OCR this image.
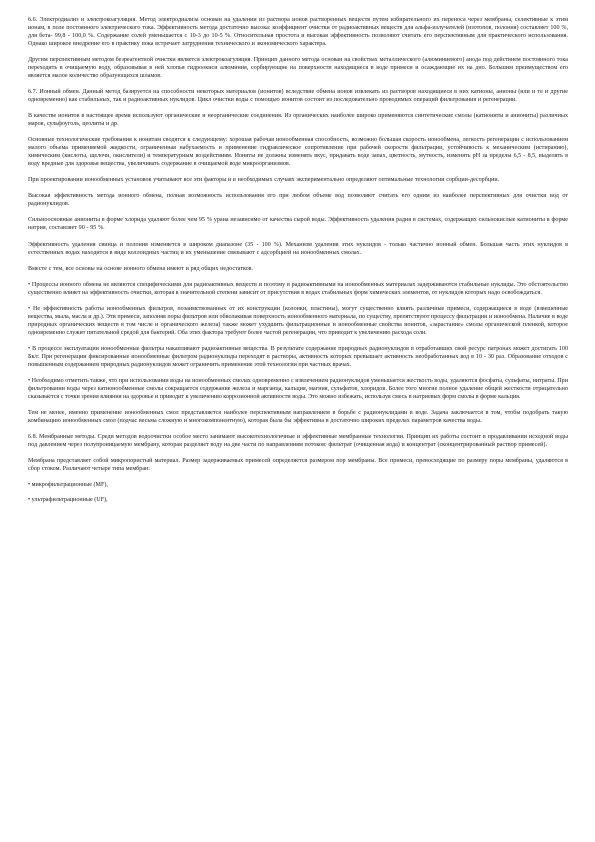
6.6. Электродиализ и электрокоагуляция. Метод электродиализа основан на удалении из раствора ионов растворенных веществ путем избирательного их переноса через мембраны, селективные к этим ионам, в поле постоянного электрического тока. Эффективность метода достаточно высока: коэффициент очистки от радиоактивных веществ для альфа-излучателей (изотопов, полония) составляет 100 %, для бета- 99,8 - 100,0 %. Содержание солей уменьшается с 10-3 до 10-5 %. Относительная простота и высокая эффективность позволяют считать его перспективным для практического использования. Однако широкое внедрение его в практику пока встречает затруднения технического и экономического характера.

Другим перспективным методом безреагентной очистки является электрокоагуляция. Принцип данного метода основан на свойствах металлического (алюминиевого) анода под действием постоянного тока переходить в очищаемую воду, образовывая в ней хлопья гидроокиси алюминия, сорбирующие на поверхности находящиеся в воде примеси и осаждающие их на дно. Большим преимуществом его является малое количество образующихся шламов.

6.7. Ионный обмен. Данный метод базируется на способности некоторых материалов (ионитов) вследствие обмена ионов извлекать из растворов находящиеся в них катионы, анионы (или и те и другие одновременно) как стабильных, так и радиоактивных нуклидов. Цикл очистки воды с помощью ионитов состоит из последовательно проводимых операций фильтрования и регенерации.

В качестве ионитов в настоящее время используют органические и неорганические соединения. Из органических наиболее широко применяются синтетические смолы (катиониты и аниониты) различных марок, сульфоуголь, цеолиты и др.

Основные технологические требования к ионитам сводятся к следующему: хорошая рабочая ионообменная способность, возможно большая скорость ионообмена, легкость регенерации с использованием малого объема применяемой жидкости, ограниченная набухаемость и применение гидравлическое сопротивление при рабочей скорости фильтрации, устойчивость к механическим (истиранию), химическим (кислоты, щелочи, окислители) и температурным воздействиям. Иониты не должны изменять вкус, придавать воде запах, цветность, мутность, изменять pH за пределы 6,5 - 8,5, выделять в воду вредные для здоровья вещества, увеличивать содержание в очищаемой воде микроорганизмов.

При проектировании ионообменных установок учитывают все эти факторы и в необходимых случаях экспериментально определяют оптимальные технологии сорбции-десорбции.

Высокая эффективность метода ионного обмена, полная возможность использования его при любом объеме вод позволяют считать его одним из наиболее перспективных для очистки вод от радионуклидов.

Сильноосновные аниониты в форме хлорида удаляют более чем 95 % урана независимо от качества сырой воды. Эффективность удаления радия в системах, содержащих сильнокислые катиониты в форме натрия, составляет 90 - 95 %.

Эффективность удаления свинца и полония изменяется в широком диапазоне (35 - 100 %). Механизм удаления этих нуклидов - только частично ионный обмен. Большая часть этих нуклидов в естественных водах находится в виде коллоидных частиц и их уменьшение связывают с адсорбцией на ионообменных смолах.

Вместе с тем, все основы на основе ионного обмена имеют и ряд общих недостатков.

• Процессы ионного обмена не являются специфическими для радиоактивных веществ и поэтому в радиоактивными на ионообменных материалах задерживаются стабильные нуклиды. Это обстоятельство существенно влияет на эффективность очистки, которая в значительной степени зависит от присутствия в водах стабильных форм химических элементов, от нуклидов которых надо освобождаться.

• Не эффективность работы ионообменных фильтров, позаимствованных от их конструкции (колонки, пластины), могут существенно влиять различные примеси, содержащиеся в воде (взвешенные вещества, мыла, масла и др.). Эти примеси, заполняя поры фильтров или обволакивая поверхность ионообменного материала, по существу, препятствуют процессу фильтрации и ионообмена. Наличие в воде природных органических веществ в том числе и органического железа) также может ухудшить фильтрационные и ионообменные свойства ионитов, «зарастание» смолы органической пленкой, которое одновременно служит питательной средой для бактерий. Оба этих фактора требуют более частой регенерации, что приводит к увеличению расхода соли.

• В процессе эксплуатации ионообменные фильтры накапливают радиоактивные вещества. В результате содержание природных радионуклидов в отработавших свой ресурс патронах может достигать 100 Бк/г. При регенерации фиксированные ионообменные фильтром радионуклиды переходят в растворы, активность которых превышает активность необработанных вод в 10 - 30 раз. Образование отходов с повышенным содержанием природных радионуклидов может ограничить применение этой технологии при частных врачах.

• Необходимо отметить также, что при использовании воды на ионообменных смолах одновременно с извлечением радионуклидов уменьшается жесткость воды, удаляются фосфаты, сульфаты, нитраты. При фильтровании воды через катионообменные смолы сокращается содержание железа и марганца, кальция, магния, сульфатов, хлоридов. Более того многие полное удаление общей жесткости отрицательно сказывается с точки зрения влияния на здоровье и приводит к увеличению коррозионной активности воды. Это можно избежать, используя смесь в натриевых форм смолы в форме кальция.

Тем не менее, именно применение ионообменных смол представляется наиболее перспективным направлением в борьбе с радионуклидами в воде. Задача заключается в том, чтобы подобрать такую комбинацию ионообменных смол (подчас весьма сложную и многокомпонентную), которая была бы эффективна в достаточно широких пределах параметров качества воды.

6.8. Мембранные методы. Среди методов водоочистки особое место занимают высокотехнологичные и эффективные мембранные технологии. Принцип их работы состоит в продавливании исходной воды под давлением через полупроницаемую мембрану, которая разделяет воду на две части по направлениям потоков: фильтрат (очищенная вода) и концентрат (сконцентрированный раствор примесей).

Мембрана представляет собой микропористый материал. Размер задерживаемых примесей определяется размером пор мембраны. Все примеси, превосходящие по размеру поры мембраны, удаляются в сбор стоком. Различают четыре типа мембран:

• микрофильтрационные (MF),

• ультрафильтрационные (UF),
